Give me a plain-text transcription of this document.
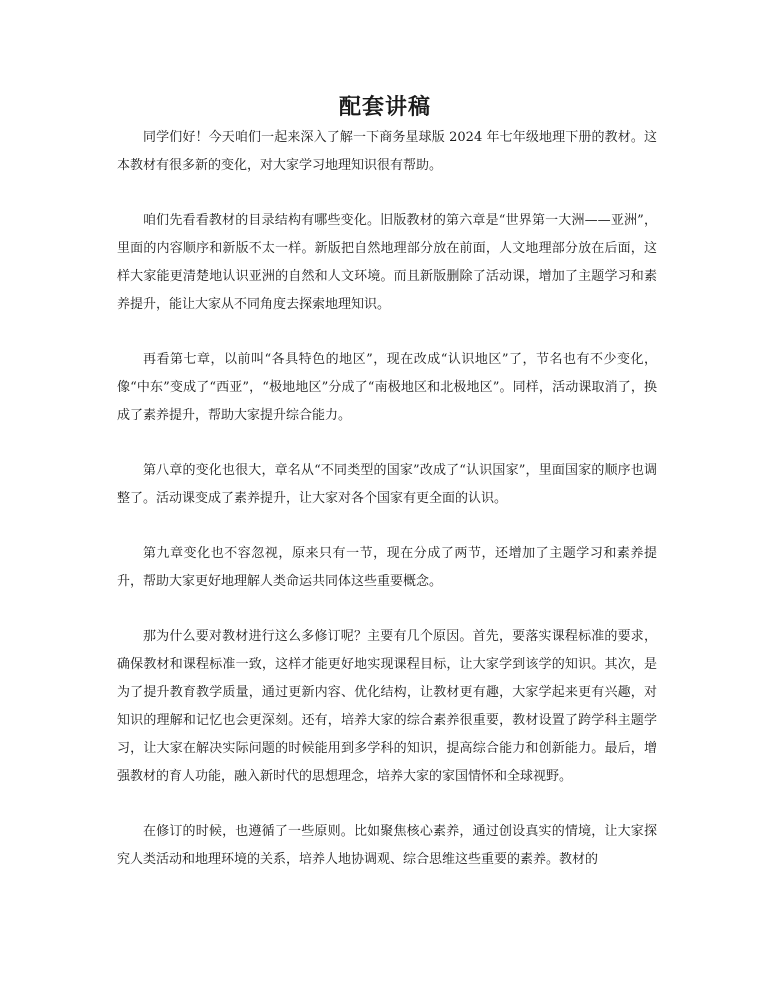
配套讲稿

同学们好！今天咱们一起来深入了解一下商务星球版 2024 年七年级地理下册的教材。这本教材有很多新的变化，对大家学习地理知识很有帮助。

咱们先看看教材的目录结构有哪些变化。旧版教材的第六章是“世界第一大洲——亚洲”，里面的内容顺序和新版不太一样。新版把自然地理部分放在前面，人文地理部分放在后面，这样大家能更清楚地认识亚洲的自然和人文环境。而且新版删除了活动课，增加了主题学习和素养提升，能让大家从不同角度去探索地理知识。

再看第七章，以前叫“各具特色的地区”，现在改成“认识地区”了，节名也有不少变化，像“中东”变成了“西亚”，“极地地区”分成了“南极地区和北极地区”。同样，活动课取消了，换成了素养提升，帮助大家提升综合能力。

第八章的变化也很大，章名从“不同类型的国家”改成了“认识国家”，里面国家的顺序也调整了。活动课变成了素养提升，让大家对各个国家有更全面的认识。

第九章变化也不容忽视，原来只有一节，现在分成了两节，还增加了主题学习和素养提升，帮助大家更好地理解人类命运共同体这些重要概念。

那为什么要对教材进行这么多修订呢？主要有几个原因。首先，要落实课程标准的要求，确保教材和课程标准一致，这样才能更好地实现课程目标，让大家学到该学的知识。其次，是为了提升教育教学质量，通过更新内容、优化结构，让教材更有趣，大家学起来更有兴趣，对知识的理解和记忆也会更深刻。还有，培养大家的综合素养很重要，教材设置了跨学科主题学习，让大家在解决实际问题的时候能用到多学科的知识，提高综合能力和创新能力。最后，增强教材的育人功能，融入新时代的思想理念，培养大家的家国情怀和全球视野。

在修订的时候，也遵循了一些原则。比如聚焦核心素养，通过创设真实的情境，让大家探究人类活动和地理环境的关系，培养人地协调观、综合思维这些重要的素养。教材的
